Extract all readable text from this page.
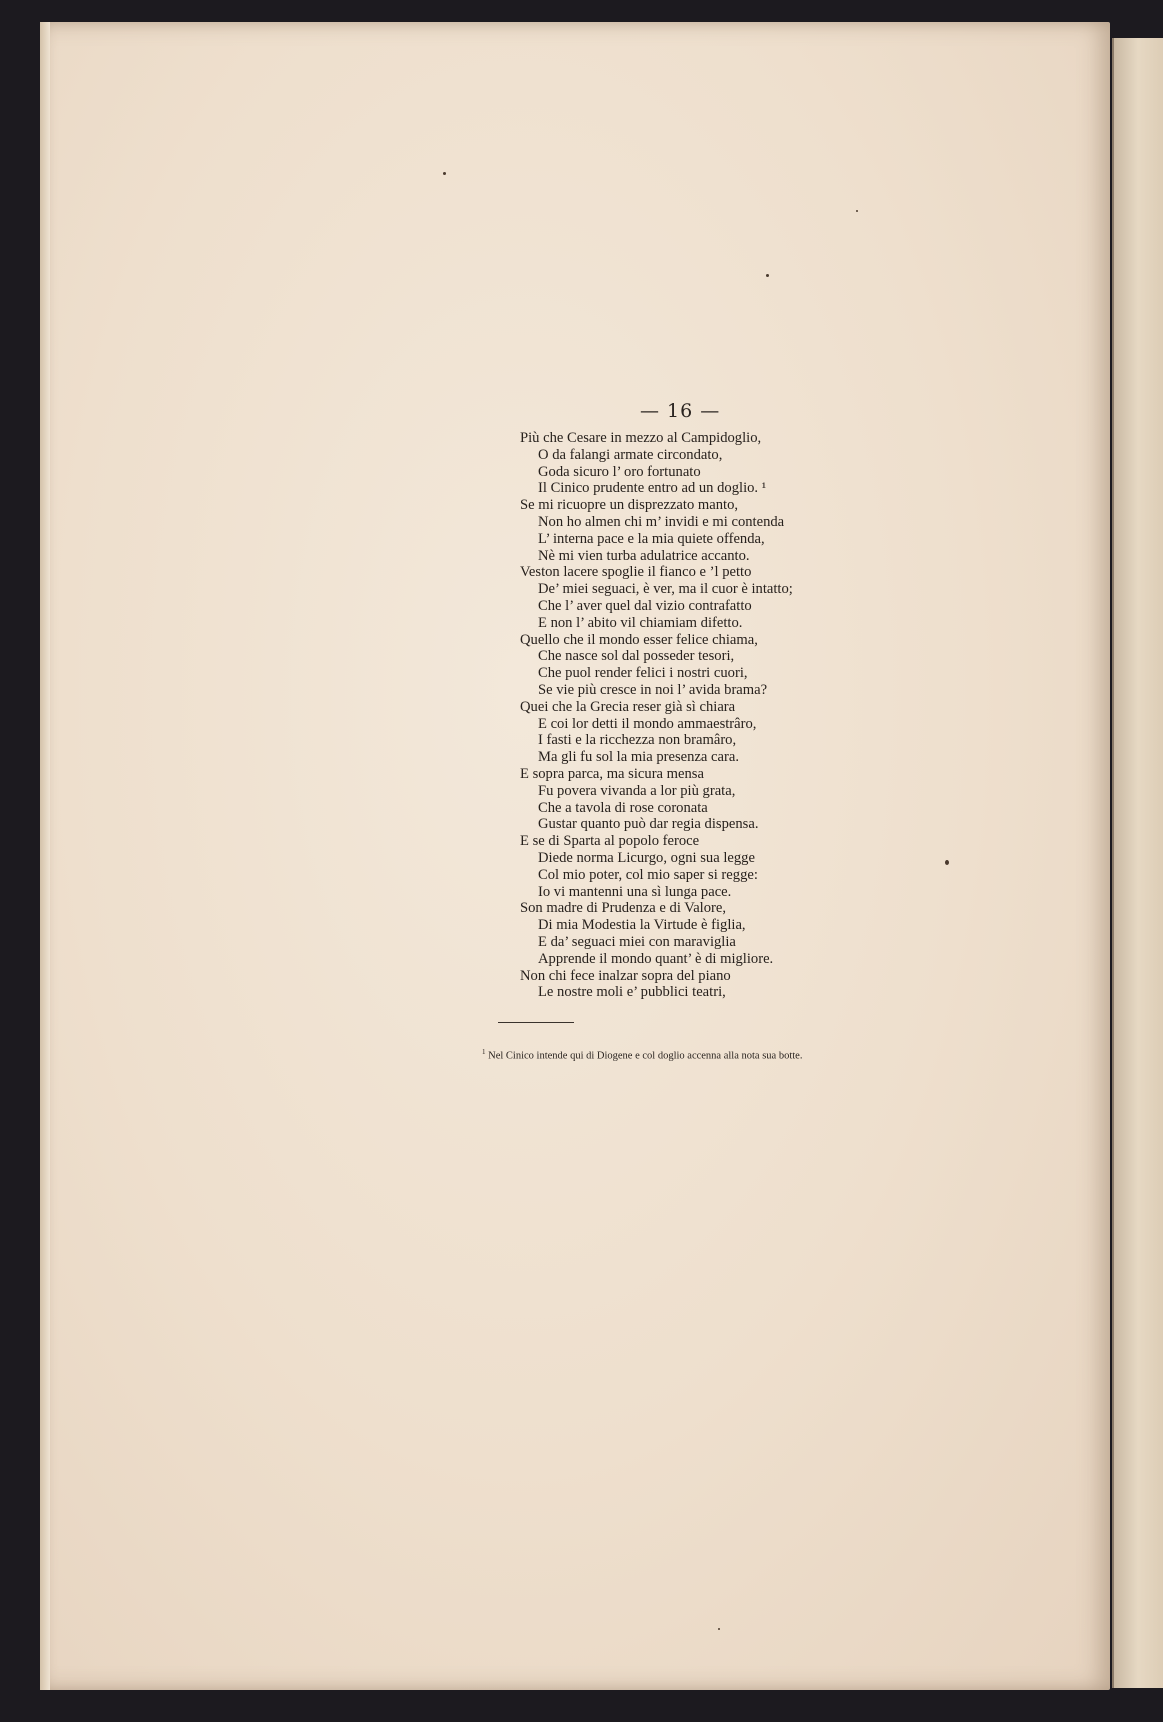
— 16 —
Più che Cesare in mezzo al Campidoglio,
O da falangi armate circondato,
Goda sicuro l’ oro fortunato
Il Cinico prudente entro ad un doglio. ¹
Se mi ricuopre un disprezzato manto,
Non ho almen chi m’ invidi e mi contenda
L’ interna pace e la mia quiete offenda,
Nè mi vien turba adulatrice accanto.
Veston lacere spoglie il fianco e ’l petto
De’ miei seguaci, è ver, ma il cuor è intatto;
Che l’ aver quel dal vizio contrafatto
E non l’ abito vil chiamiam difetto.
Quello che il mondo esser felice chiama,
Che nasce sol dal posseder tesori,
Che puol render felici i nostri cuori,
Se vie più cresce in noi l’ avida brama?
Quei che la Grecia reser già sì chiara
E coi lor detti il mondo ammaestrâro,
I fasti e la ricchezza non bramâro,
Ma gli fu sol la mia presenza cara.
E sopra parca, ma sicura mensa
Fu povera vivanda a lor più grata,
Che a tavola di rose coronata
Gustar quanto può dar regia dispensa.
E se di Sparta al popolo feroce
Diede norma Licurgo, ogni sua legge
Col mio poter, col mio saper si regge:
Io vi mantenni una sì lunga pace.
Son madre di Prudenza e di Valore,
Di mia Modestia la Virtude è figlia,
E da’ seguaci miei con maraviglia
Apprende il mondo quant’ è di migliore.
Non chi fece inalzar sopra del piano
Le nostre moli e’ pubblici teatri,
$^1$ Nel Cinico intende qui di Diogene e col doglio accenna alla nota sua botte.
